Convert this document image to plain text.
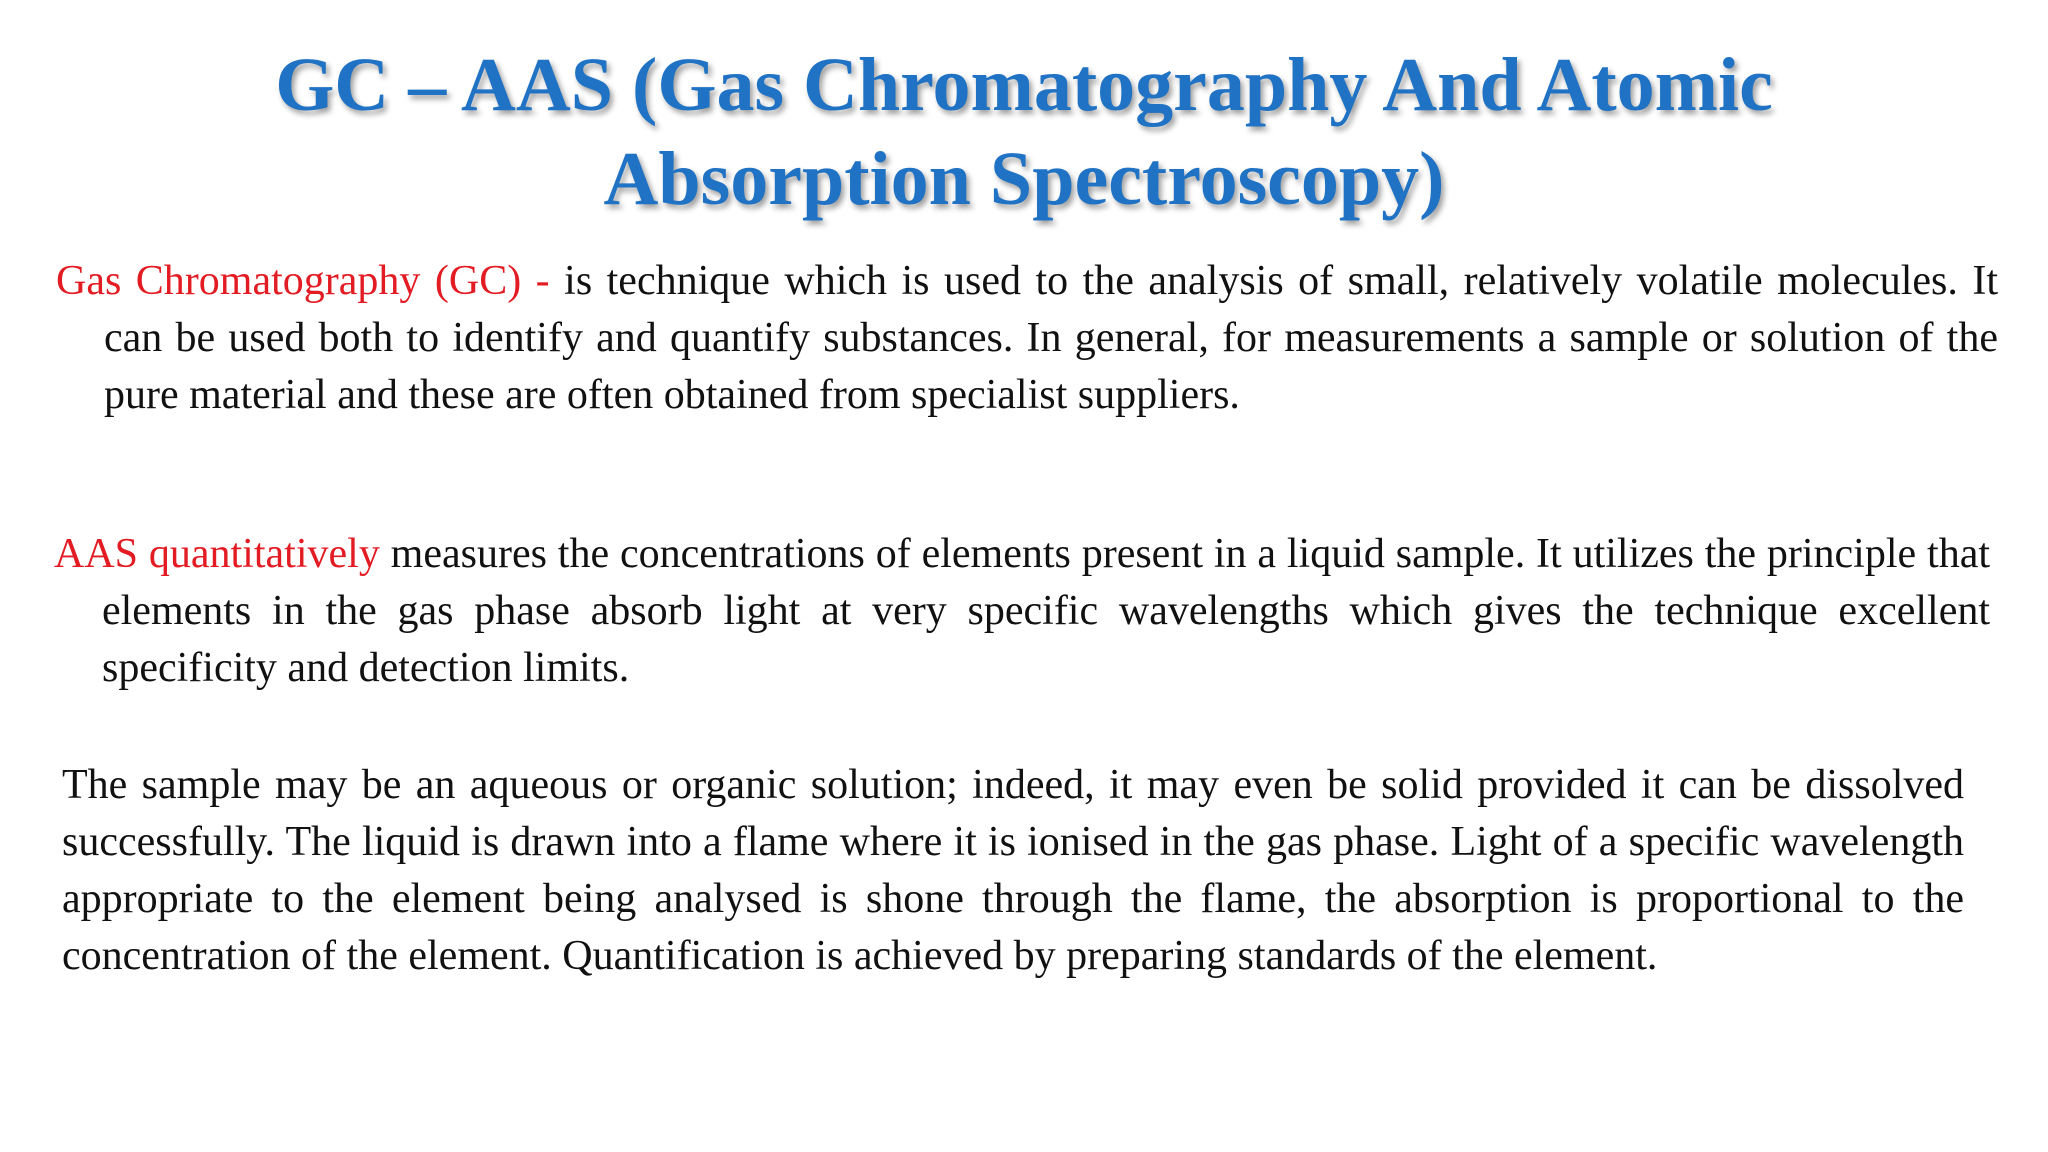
GC – AAS (Gas Chromatography And Atomic
Absorption Spectroscopy)

Gas Chromatography (GC) - is technique which is used to the analysis of small, relatively volatile molecules. It can be used both to identify and quantify substances. In general, for measurements a sample or solution of the pure material and these are often obtained from specialist suppliers.

AAS quantitatively measures the concentrations of elements present in a liquid sample. It utilizes the principle that elements in the gas phase absorb light at very specific wavelengths which gives the technique excellent specificity and detection limits.

The sample may be an aqueous or organic solution; indeed, it may even be solid provided it can be dissolved successfully. The liquid is drawn into a flame where it is ionised in the gas phase. Light of a specific wavelength appropriate to the element being analysed is shone through the flame, the absorption is proportional to the concentration of the element. Quantification is achieved by preparing standards of the element.
